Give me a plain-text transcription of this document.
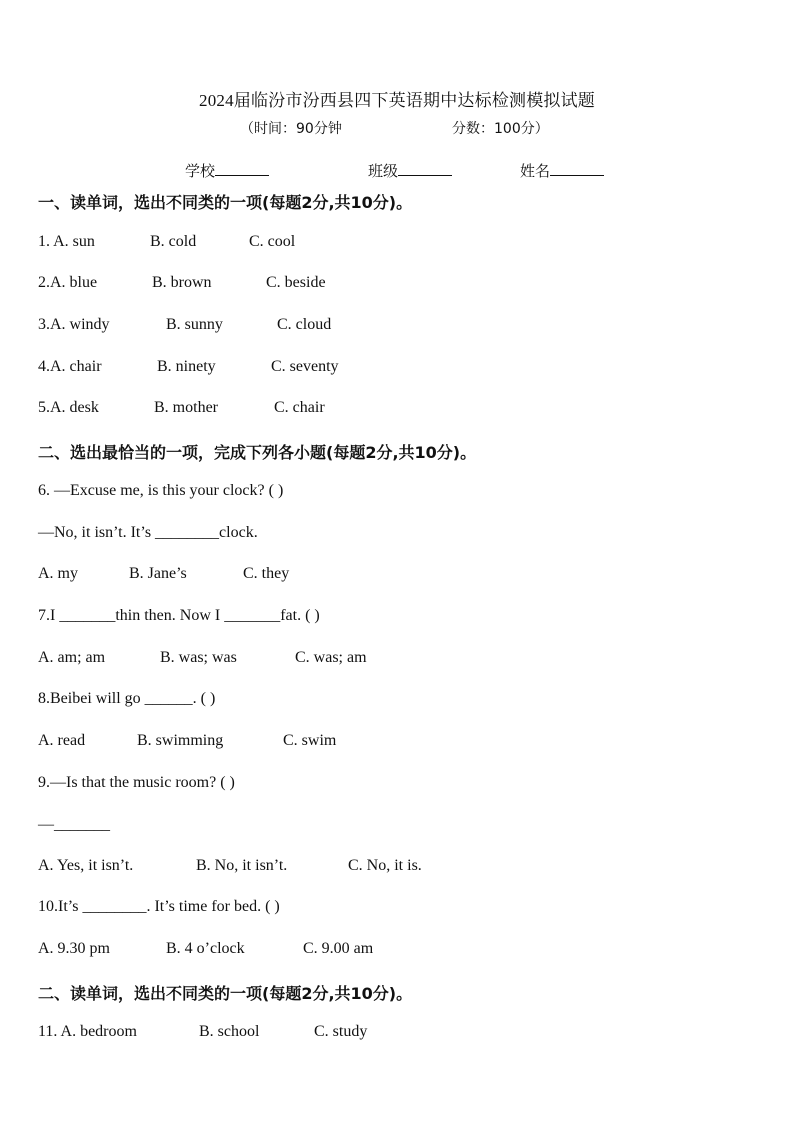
2024届临汾市汾西县四下英语期中达标检测模拟试题
（时间：90分钟	分数：100分）
学校	班级	姓名
一、读单词，选出不同类的一项(每题2分,共10分)。
1. A. sun	B. cold	C. cool
2.A. blue	B. brown	C. beside
3.A. windy	B. sunny	C. cloud
4.A. chair	B. ninety	C. seventy
5.A. desk	B. mother	C. chair
二、选出最恰当的一项，完成下列各小题(每题2分,共10分)。
6. —Excuse me, is this your clock? ( )
—No, it isn’t. It’s ________clock.
A. my	B. Jane’s	C. they
7.I _______thin then. Now I _______fat. ( )
A. am; am	B. was; was	C. was; am
8.Beibei will go ______. ( )
A. read	B. swimming	C. swim
9.—Is that the music room? ( )
—_______
A. Yes, it isn’t.	B. No, it isn’t.	C. No, it is.
10.It’s ________. It’s time for bed. ( )
A. 9.30 pm	B. 4 o’clock	C. 9.00 am
二、读单词，选出不同类的一项(每题2分,共10分)。
11. A. bedroom	B. school	C. study
